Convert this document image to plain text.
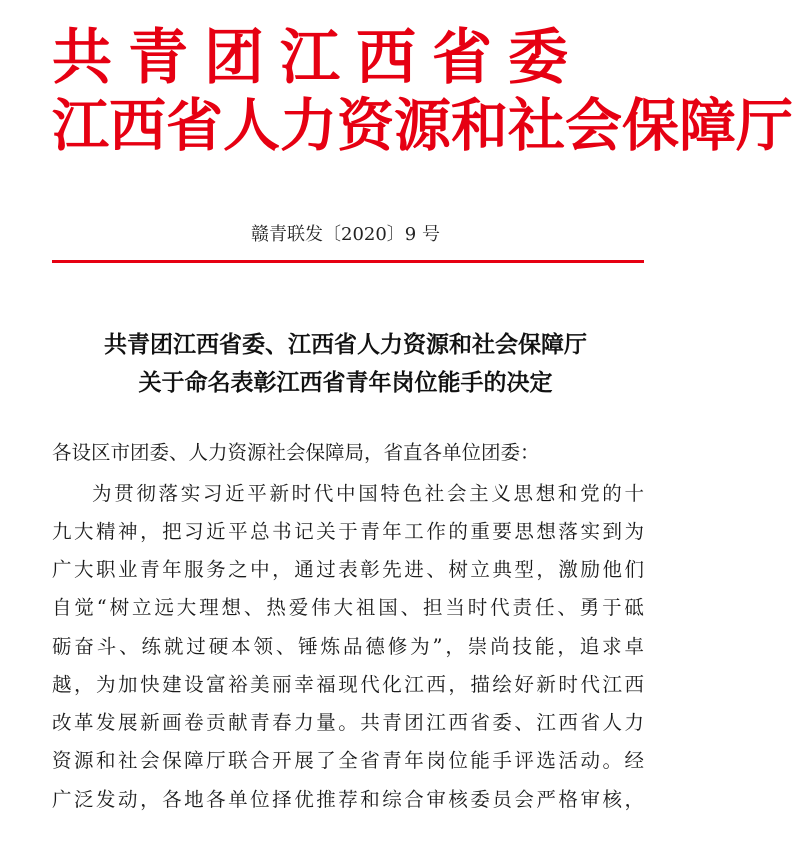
共青团江西省委
江西省人力资源和社会保障厅
赣青联发〔2020〕9 号
共青团江西省委、江西省人力资源和社会保障厅
关于命名表彰江西省青年岗位能手的决定
各设区市团委、人力资源社会保障局，省直各单位团委：
为贯彻落实习近平新时代中国特色社会主义思想和党的十
九大精神，把习近平总书记关于青年工作的重要思想落实到为
广大职业青年服务之中，通过表彰先进、树立典型，激励他们
自觉“树立远大理想、热爱伟大祖国、担当时代责任、勇于砥
砺奋斗、练就过硬本领、锤炼品德修为”，崇尚技能，追求卓
越，为加快建设富裕美丽幸福现代化江西，描绘好新时代江西
改革发展新画卷贡献青春力量。共青团江西省委、江西省人力
资源和社会保障厅联合开展了全省青年岗位能手评选活动。经
广泛发动，各地各单位择优推荐和综合审核委员会严格审核，
